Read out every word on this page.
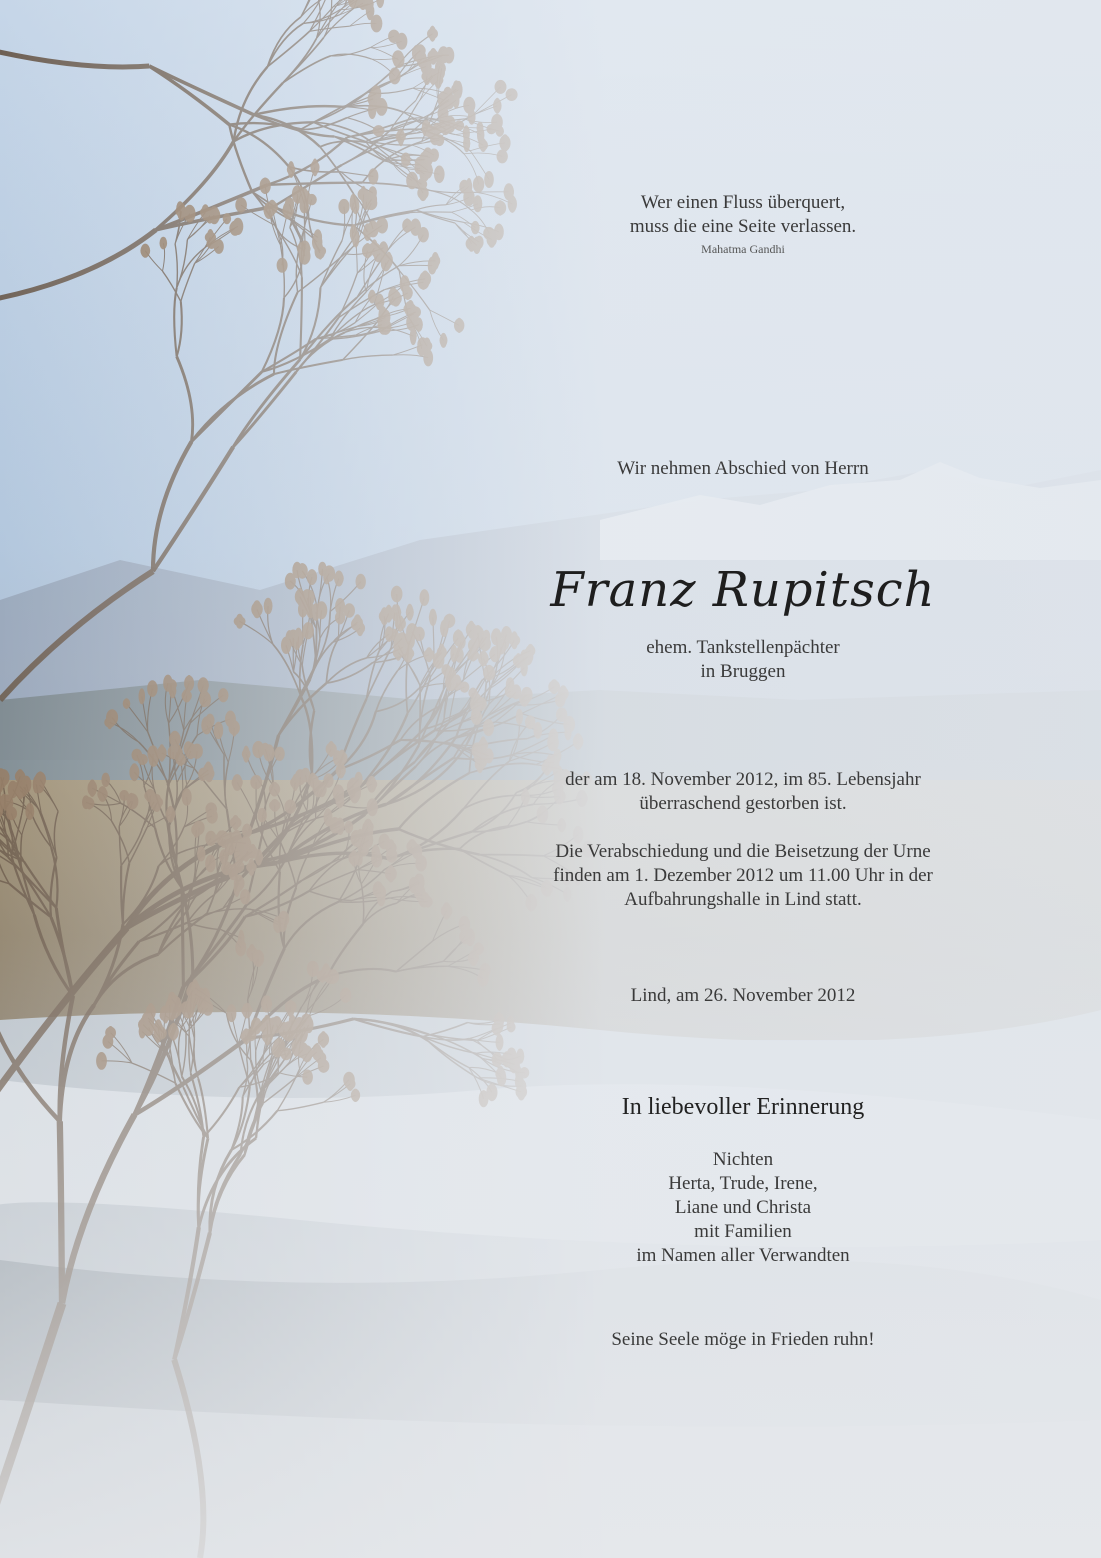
Wer einen Fluss überquert,
muss die eine Seite verlassen.
Mahatma Gandhi
Wir nehmen Abschied von Herrn
Franz Rupitsch
ehem. Tankstellenpächter
in Bruggen
der am 18. November 2012, im 85. Lebensjahr
überraschend gestorben ist.
Die Verabschiedung und die Beisetzung der Urne
finden am 1. Dezember 2012 um 11.00 Uhr in der
Aufbahrungshalle in Lind statt.
Lind, am 26. November 2012
In liebevoller Erinnerung
Nichten
Herta, Trude, Irene,
Liane und Christa
mit Familien
im Namen aller Verwandten
Seine Seele möge in Frieden ruhn!
